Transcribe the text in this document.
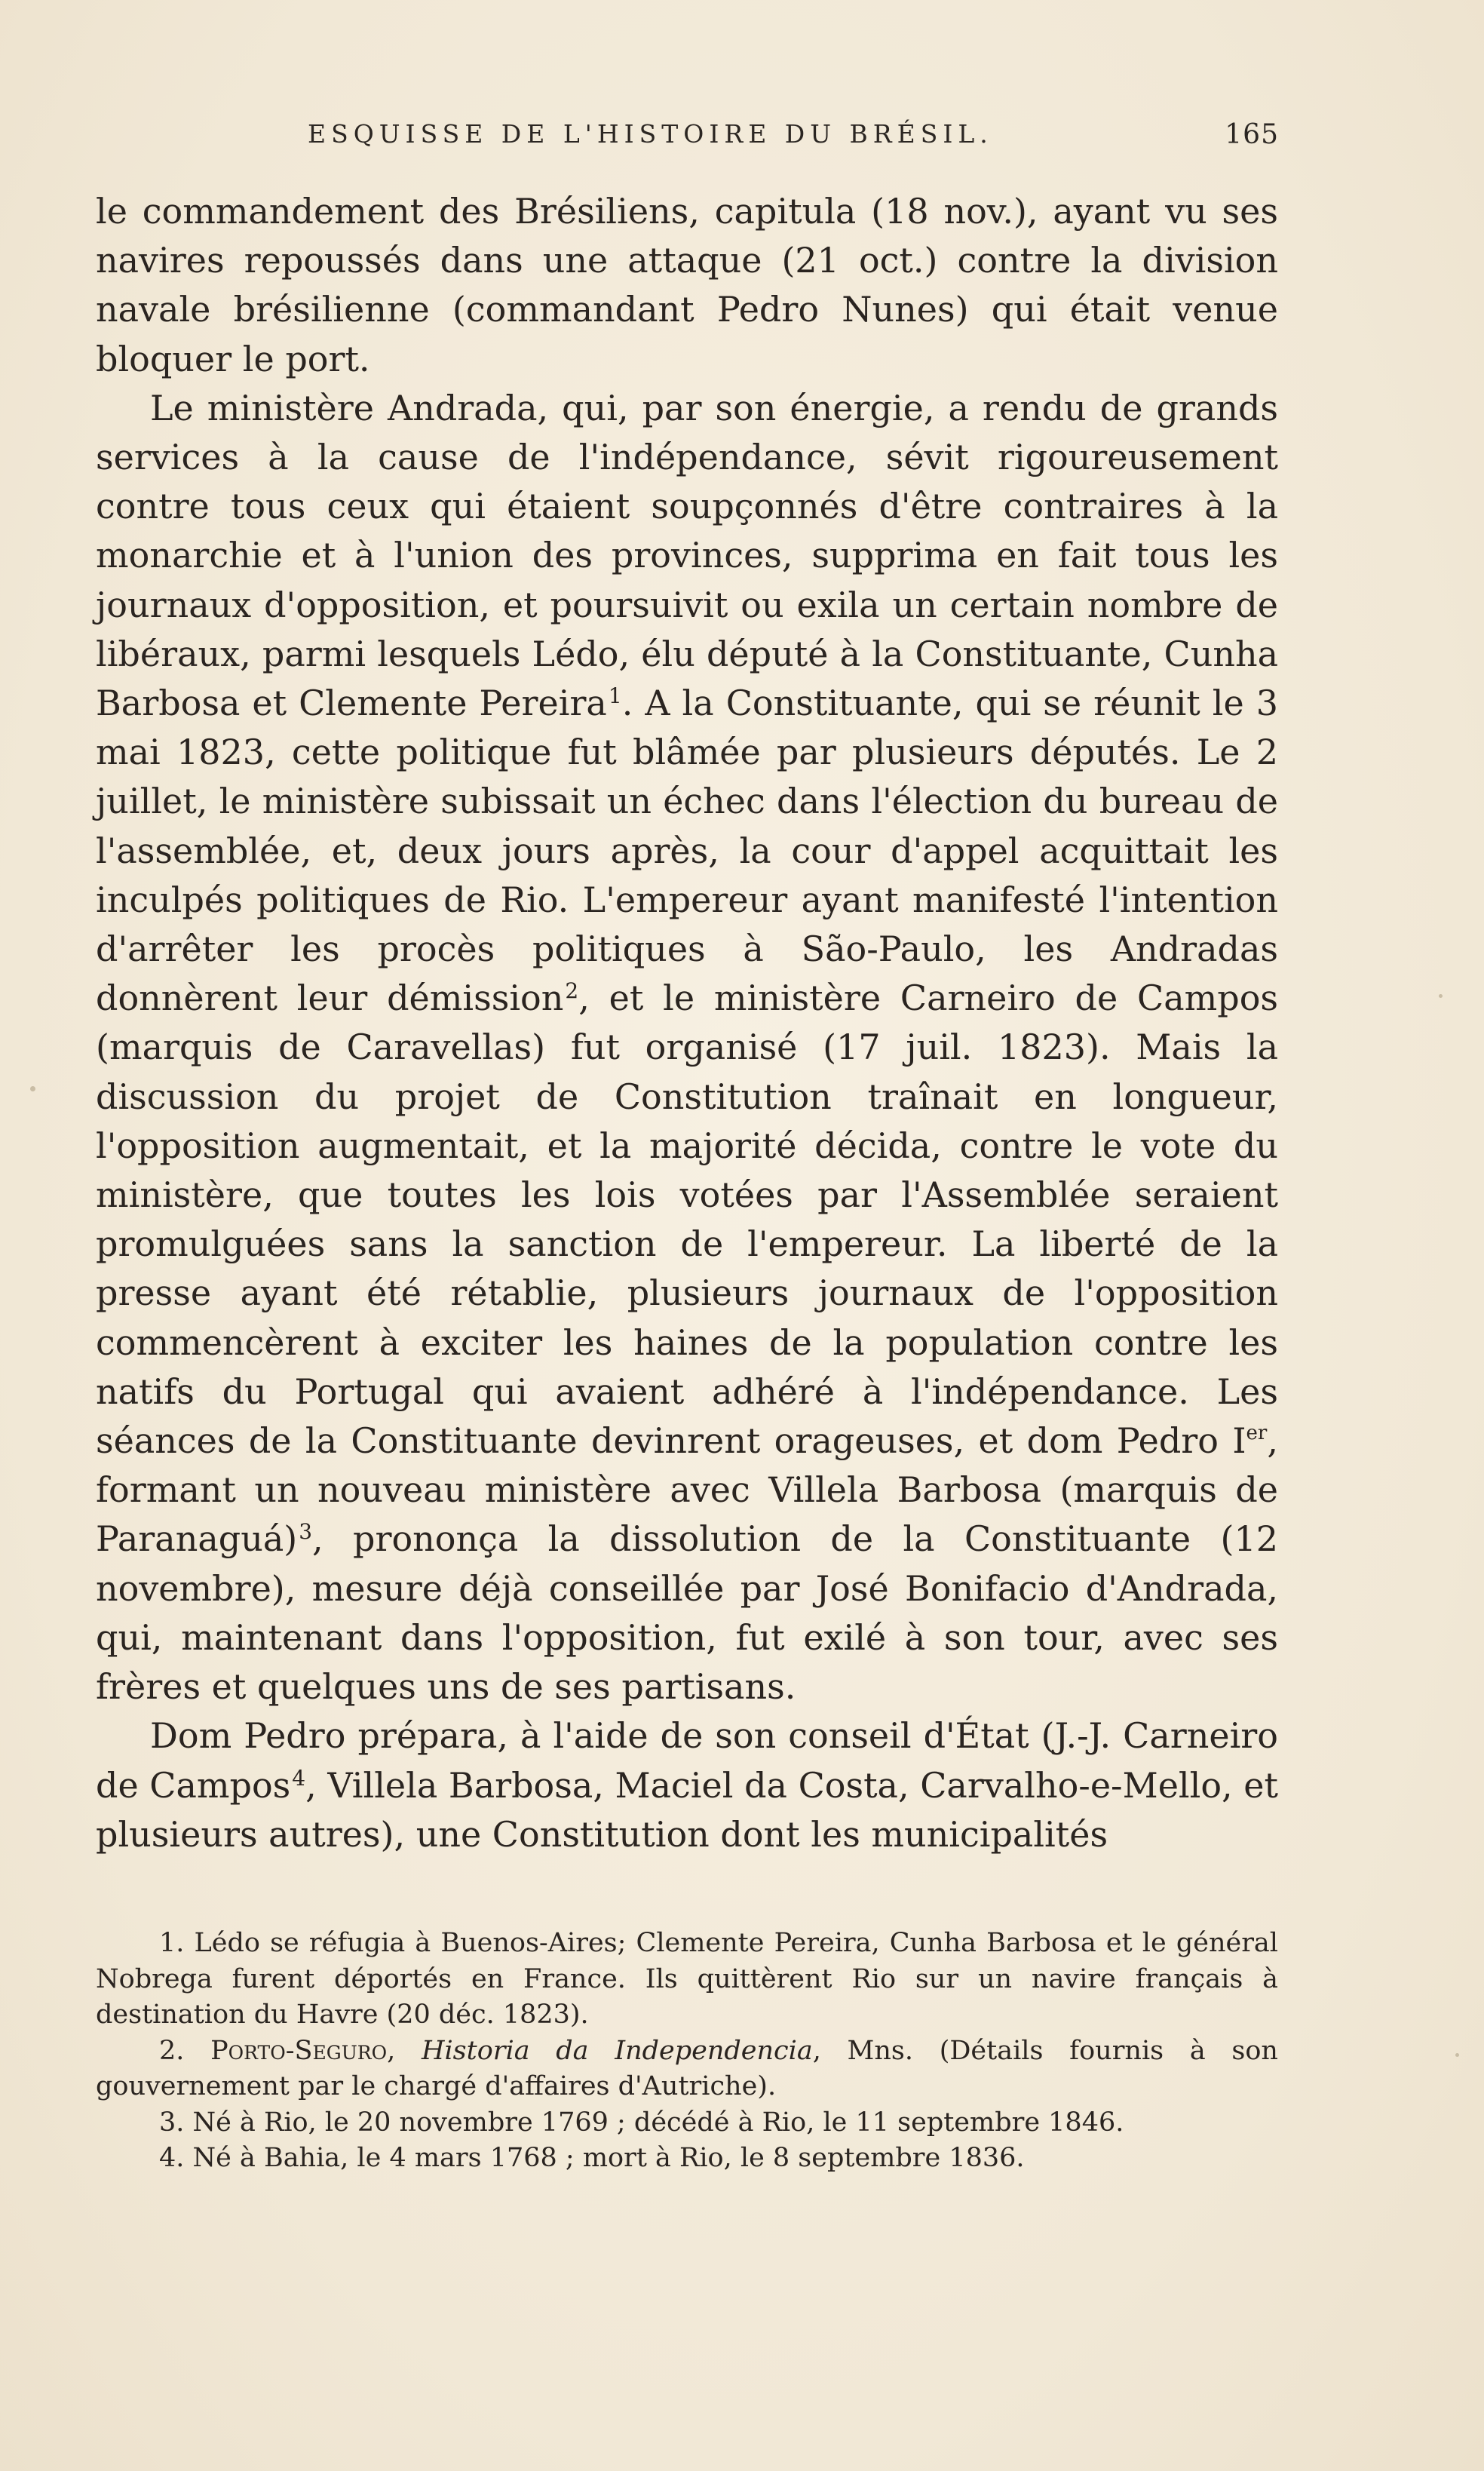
ESQUISSE DE L'HISTOIRE DU BRÉSIL.	165

le commandement des Brésiliens, capitula (18 nov.), ayant vu ses navires repoussés dans une attaque (21 oct.) contre la division navale brésilienne (commandant Pedro Nunes) qui était venue bloquer le port.

Le ministère Andrada, qui, par son énergie, a rendu de grands services à la cause de l'indépendance, sévit rigoureusement contre tous ceux qui étaient soupçonnés d'être contraires à la monarchie et à l'union des provinces, supprima en fait tous les journaux d'opposition, et poursuivit ou exila un certain nombre de libéraux, parmi lesquels Lédo, élu député à la Constituante, Cunha Barbosa et Clemente Pereira$^1$. A la Constituante, qui se réunit le 3 mai 1823, cette politique fut blâmée par plusieurs députés. Le 2 juillet, le ministère subissait un échec dans l'élection du bureau de l'assemblée, et, deux jours après, la cour d'appel acquittait les inculpés politiques de Rio. L'empereur ayant manifesté l'intention d'arrêter les procès politiques à São-Paulo, les Andradas donnèrent leur démission$^2$, et le ministère Carneiro de Campos (marquis de Caravellas) fut organisé (17 juil. 1823). Mais la discussion du projet de Constitution traînait en longueur, l'opposition augmentait, et la majorité décida, contre le vote du ministère, que toutes les lois votées par l'Assemblée seraient promulguées sans la sanction de l'empereur. La liberté de la presse ayant été rétablie, plusieurs journaux de l'opposition commencèrent à exciter les haines de la population contre les natifs du Portugal qui avaient adhéré à l'indépendance. Les séances de la Constituante devinrent orageuses, et dom Pedro Ier, formant un nouveau ministère avec Villela Barbosa (marquis de Paranaguá)$^3$, prononça la dissolution de la Constituante (12 novembre), mesure déjà conseillée par José Bonifacio d'Andrada, qui, maintenant dans l'opposition, fut exilé à son tour, avec ses frères et quelques uns de ses partisans.

Dom Pedro prépara, à l'aide de son conseil d'État (J.-J. Carneiro de Campos$^4$, Villela Barbosa, Maciel da Costa, Carvalho-e-Mello, et plusieurs autres), une Constitution dont les municipalités

1. Lédo se réfugia à Buenos-Aires; Clemente Pereira, Cunha Barbosa et le général Nobrega furent déportés en France. Ils quittèrent Rio sur un navire français à destination du Havre (20 déc. 1823).

2. Porto-Seguro, Historia da Independencia, Mns. (Détails fournis à son gouvernement par le chargé d'affaires d'Autriche).

3. Né à Rio, le 20 novembre 1769 ; décédé à Rio, le 11 septembre 1846.

4. Né à Bahia, le 4 mars 1768 ; mort à Rio, le 8 septembre 1836.
